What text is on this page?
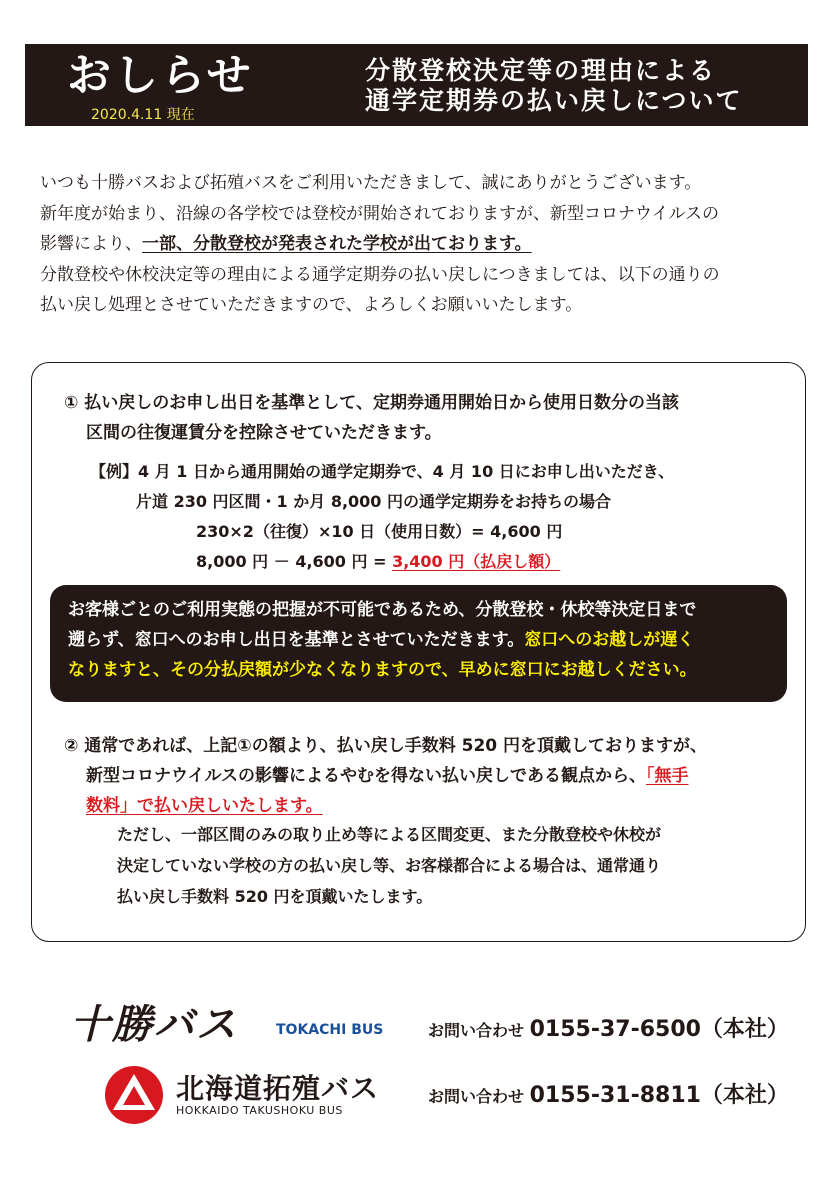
おしらせ
2020.4.11 現在
分散登校決定等の理由による
通学定期券の払い戻しについて

いつも十勝バスおよび拓殖バスをご利用いただきまして、誠にありがとうございます。

新年度が始まり、沿線の各学校では登校が開始されておりますが、新型コロナウイルスの

影響により、一部、分散登校が発表された学校が出ております。

分散登校や休校決定等の理由による通学定期券の払い戻しにつきましては、以下の通りの

払い戻し処理とさせていただきますので、よろしくお願いいたします。

① 払い戻しのお申し出日を基準として、定期券通用開始日から使用日数分の当該

区間の往復運賃分を控除させていただきます。

【例】4 月 1 日から通用開始の通学定期券で、4 月 10 日にお申し出いただき、

片道 230 円区間・1 か月 8,000 円の通学定期券をお持ちの場合

230×2（往復）×10 日（使用日数）= 4,600 円

8,000 円 － 4,600 円 = 3,400 円（払戻し額）

お客様ごとのご利用実態の把握が不可能であるため、分散登校・休校等決定日まで

遡らず、窓口へのお申し出日を基準とさせていただきます。窓口へのお越しが遅く

なりますと、その分払戻額が少なくなりますので、早めに窓口にお越しください。

② 通常であれば、上記①の額より、払い戻し手数料 520 円を頂戴しておりますが、

新型コロナウイルスの影響によるやむを得ない払い戻しである観点から、「無手

数料」で払い戻しいたします。

ただし、一部区間のみの取り止め等による区間変更、また分散登校や休校が

決定していない学校の方の払い戻し等、お客様都合による場合は、通常通り

払い戻し手数料 520 円を頂戴いたします。

十勝バス	TOKACHI BUS
北海道拓殖バス
HOKKAIDO TAKUSHOKU BUS
お問い合わせ 0155-37-6500（本社）
お問い合わせ 0155-31-8811（本社）
